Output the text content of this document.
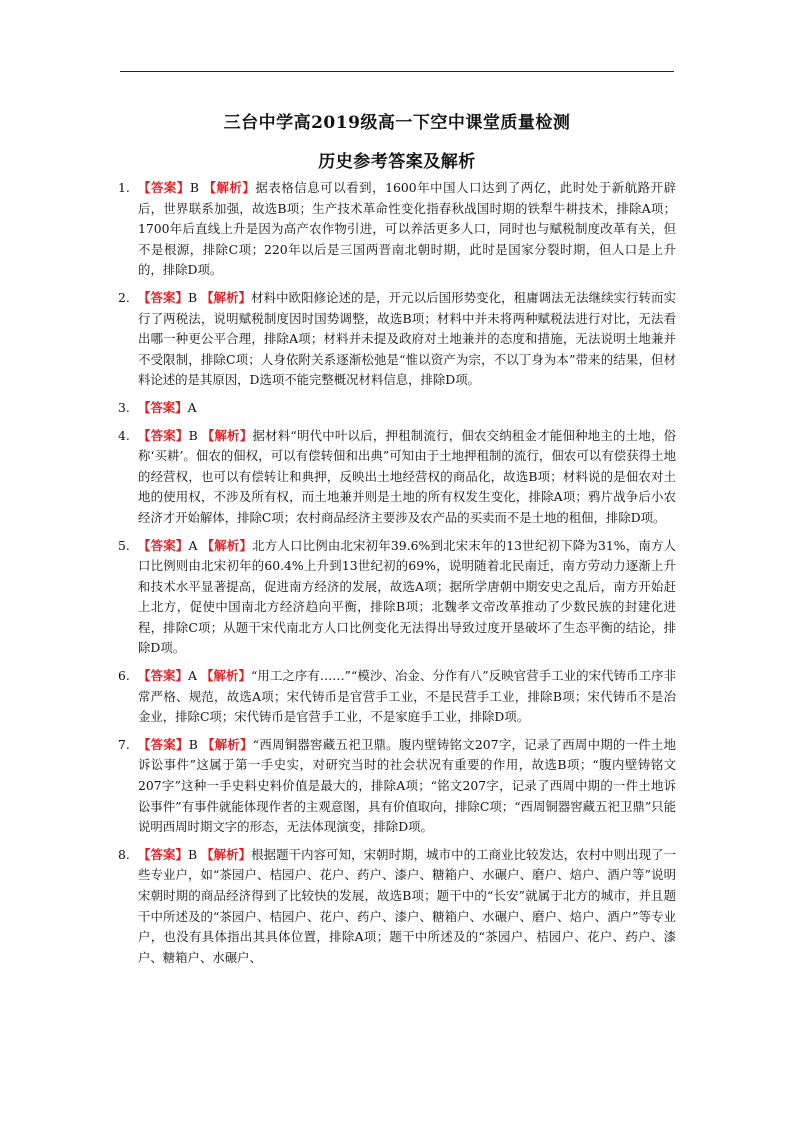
三台中学高2019级高一下空中课堂质量检测
历史参考答案及解析
1. 【答案】B 【解析】据表格信息可以看到，1600年中国人口达到了两亿，此时处于新航路开辟后，世界联系加强，故选B项；生产技术革命性变化指春秋战国时期的铁犁牛耕技术，排除A项；1700年后直线上升是因为高产农作物引进，可以养活更多人口，同时也与赋税制度改革有关，但不是根源，排除C项；220年以后是三国两晋南北朝时期，此时是国家分裂时期，但人口是上升的，排除D项。
2. 【答案】B 【解析】材料中欧阳修论述的是，开元以后国形势变化，租庸调法无法继续实行转而实行了两税法，说明赋税制度因时国势调整，故选B项；材料中并未将两种赋税法进行对比，无法看出哪一种更公平合理，排除A项；材料并未提及政府对土地兼并的态度和措施，无法说明土地兼并不受限制，排除C项；人身依附关系逐渐松弛是“惟以资产为宗，不以丁身为本”带来的结果，但材料论述的是其原因，D选项不能完整概况材料信息，排除D项。
3. 【答案】A
4. 【答案】B 【解析】据材料“明代中叶以后，押租制流行，佃农交纳租金才能佃种地主的土地，俗称‘买耕’。佃农的佃权，可以有偿转佃和出典”可知由于土地押租制的流行，佃农可以有偿获得土地的经营权，也可以有偿转让和典押，反映出土地经营权的商品化，故选B项；材料说的是佃农对土地的使用权，不涉及所有权，而土地兼并则是土地的所有权发生变化，排除A项；鸦片战争后小农经济才开始解体，排除C项；农村商品经济主要涉及农产品的买卖而不是土地的租佃，排除D项。
5. 【答案】A 【解析】北方人口比例由北宋初年39.6%到北宋末年的13世纪初下降为31%，南方人口比例则由北宋初年的60.4%上升到13世纪初的69%，说明随着北民南迁，南方劳动力逐渐上升和技术水平显著提高，促进南方经济的发展，故选A项；据所学唐朝中期安史之乱后，南方开始赶上北方，促使中国南北方经济趋向平衡，排除B项；北魏孝文帝改革推动了少数民族的封建化进程，排除C项；从题干宋代南北方人口比例变化无法得出导致过度开垦破坏了生态平衡的结论，排除D项。
6. 【答案】A 【解析】“用工之序有……”“模沙、冶金、分作有八”反映官营手工业的宋代铸币工序非常严格、规范，故选A项；宋代铸币是官营手工业，不是民营手工业，排除B项；宋代铸币不是冶金业，排除C项；宋代铸币是官营手工业，不是家庭手工业，排除D项。
7. 【答案】B 【解析】“西周铜器窖藏五祀卫鼎。腹内壁铸铭文207字，记录了西周中期的一件土地诉讼事件”这属于第一手史实，对研究当时的社会状况有重要的作用，故选B项；“腹内壁铸铭文207字”这种一手史料史料价值是最大的，排除A项；“铭文207字，记录了西周中期的一件土地诉讼事件”有事件就能体现作者的主观意图，具有价值取向，排除C项；“西周铜器窖藏五祀卫鼎”只能说明西周时期文字的形态，无法体现演变，排除D项。
8. 【答案】B 【解析】根据题干内容可知，宋朝时期，城市中的工商业比较发达，农村中则出现了一些专业户，如“茶园户、桔园户、花户、药户、漆户、糖箱户、水碾户、磨户、焙户、酒户等”说明宋朝时期的商品经济得到了比较快的发展，故选B项；题干中的“长安”就属于北方的城市，并且题干中所述及的“茶园户、桔园户、花户、药户、漆户、糖箱户、水碾户、磨户、焙户、酒户”等专业户，也没有具体指出其具体位置，排除A项；题干中所述及的“茶园户、桔园户、花户、药户、漆户、糖箱户、水碾户、
